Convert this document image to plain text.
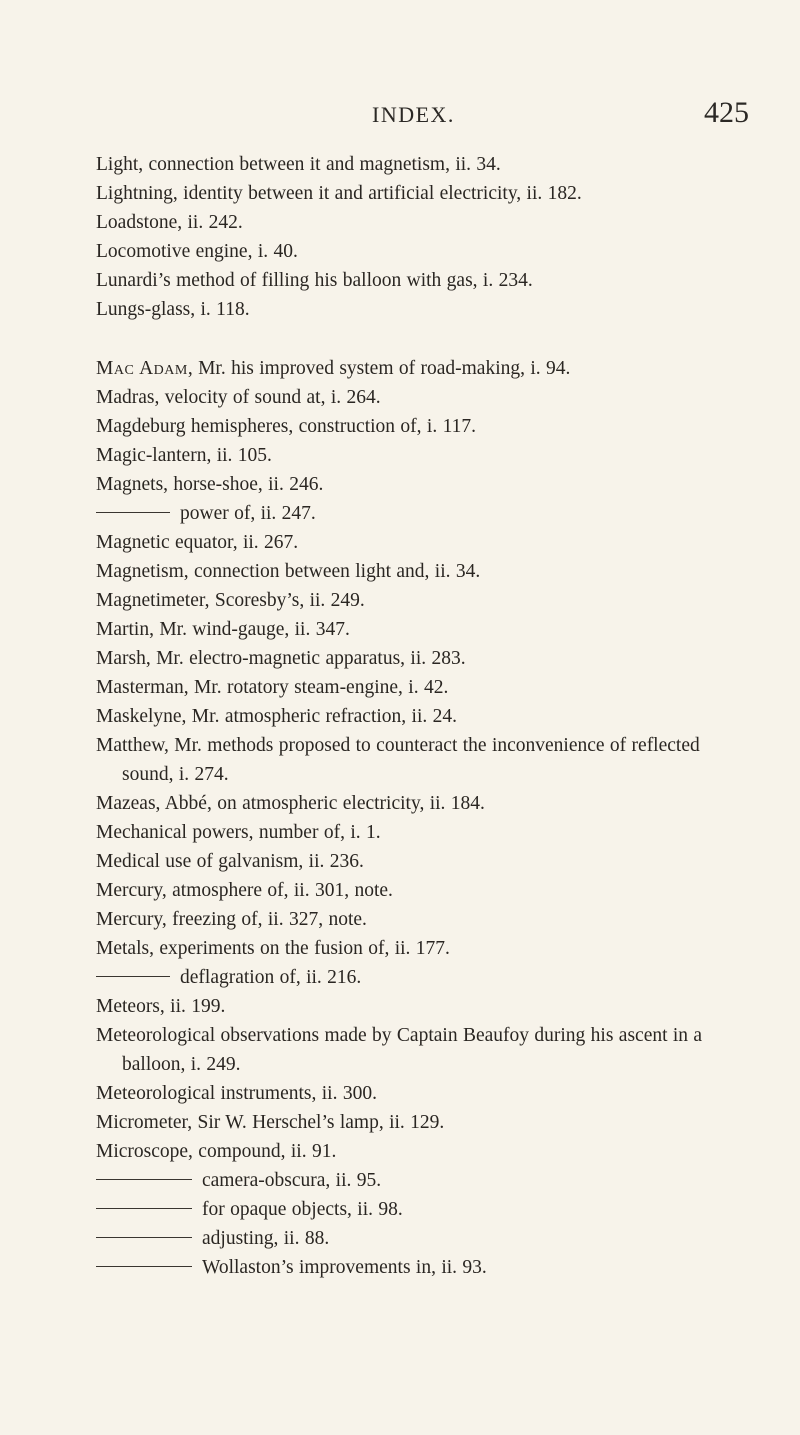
INDEX.	425

Light, connection between it and magnetism, ii. 34.

Lightning, identity between it and artificial electricity, ii. 182.

Loadstone, ii. 242.

Locomotive engine, i. 40.

Lunardi’s method of filling his balloon with gas, i. 234.

Lungs-glass, i. 118.

Mac Adam, Mr. his improved system of road-making, i. 94.

Madras, velocity of sound at, i. 264.

Magdeburg hemispheres, construction of, i. 117.

Magic-lantern, ii. 105.

Magnets, horse-shoe, ii. 246.

power of, ii. 247.

Magnetic equator, ii. 267.

Magnetism, connection between light and, ii. 34.

Magnetimeter, Scoresby’s, ii. 249.

Martin, Mr. wind-gauge, ii. 347.

Marsh, Mr. electro-magnetic apparatus, ii. 283.

Masterman, Mr. rotatory steam-engine, i. 42.

Maskelyne, Mr. atmospheric refraction, ii. 24.

Matthew, Mr. methods proposed to counteract the inconvenience of reflected sound, i. 274.

Mazeas, Abbé, on atmospheric electricity, ii. 184.

Mechanical powers, number of, i. 1.

Medical use of galvanism, ii. 236.

Mercury, atmosphere of, ii. 301, note.

Mercury, freezing of, ii. 327, note.

Metals, experiments on the fusion of, ii. 177.

deflagration of, ii. 216.

Meteors, ii. 199.

Meteorological observations made by Captain Beaufoy during his ascent in a balloon, i. 249.

Meteorological instruments, ii. 300.

Micrometer, Sir W. Herschel’s lamp, ii. 129.

Microscope, compound, ii. 91.

camera-obscura, ii. 95.

for opaque objects, ii. 98.

adjusting, ii. 88.

Wollaston’s improvements in, ii. 93.
